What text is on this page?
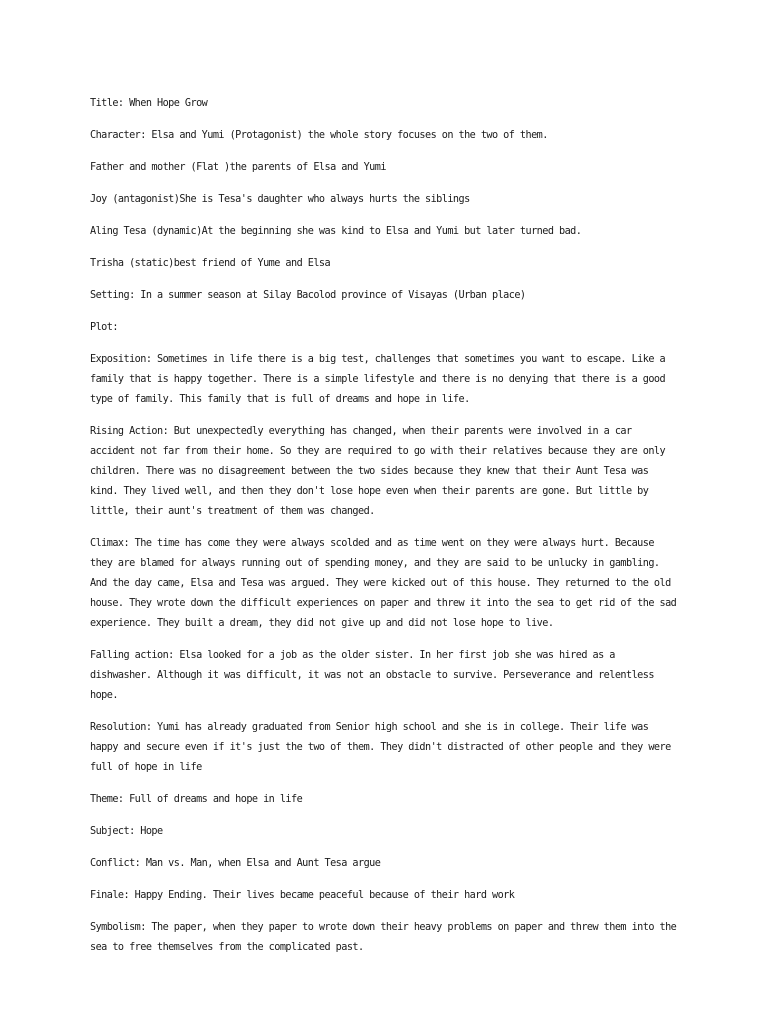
Title: When Hope Grow

Character: Elsa and Yumi (Protagonist) the whole story focuses on the two of them.

Father and mother (Flat )the parents of Elsa and Yumi

Joy (antagonist)She is Tesa's daughter who always hurts the siblings

Aling Tesa (dynamic)At the beginning she was kind to Elsa and Yumi but later turned bad.

Trisha (static)best friend of Yume and Elsa

Setting: In a summer season at Silay Bacolod province of Visayas (Urban place)

Plot:

Exposition: Sometimes in life there is a big test, challenges that sometimes you want to escape. Like a family that is happy together. There is a simple lifestyle and there is no denying that there is a good type of family. This family that is full of dreams and hope in life.

Rising Action: But unexpectedly everything has changed, when their parents were involved in a car accident not far from their home. So they are required to go with their relatives because they are only children. There was no disagreement between the two sides because they knew that their Aunt Tesa was kind. They lived well, and then they don't lose hope even when their parents are gone. But little by little, their aunt's treatment of them was changed.

Climax: The time has come they were always scolded and as time went on they were always hurt. Because they are blamed for always running out of spending money, and they are said to be unlucky in gambling. And the day came, Elsa and Tesa was argued. They were kicked out of this house. They returned to the old house. They wrote down the difficult experiences on paper and threw it into the sea to get rid of the sad experience. They built a dream, they did not give up and did not lose hope to live.

Falling action: Elsa looked for a job as the older sister. In her first job she was hired as a dishwasher. Although it was difficult, it was not an obstacle to survive. Perseverance and relentless hope.

Resolution: Yumi has already graduated from Senior high school and she is in college. Their life was happy and secure even if it's just the two of them. They didn't distracted of other people and they were full of hope in life

Theme: Full of dreams and hope in life

Subject: Hope

Conflict: Man vs. Man, when Elsa and Aunt Tesa argue

Finale: Happy Ending. Their lives became peaceful because of their hard work

Symbolism: The paper, when they paper to wrote down their heavy problems on paper and threw them into the sea to free themselves from the complicated past.
